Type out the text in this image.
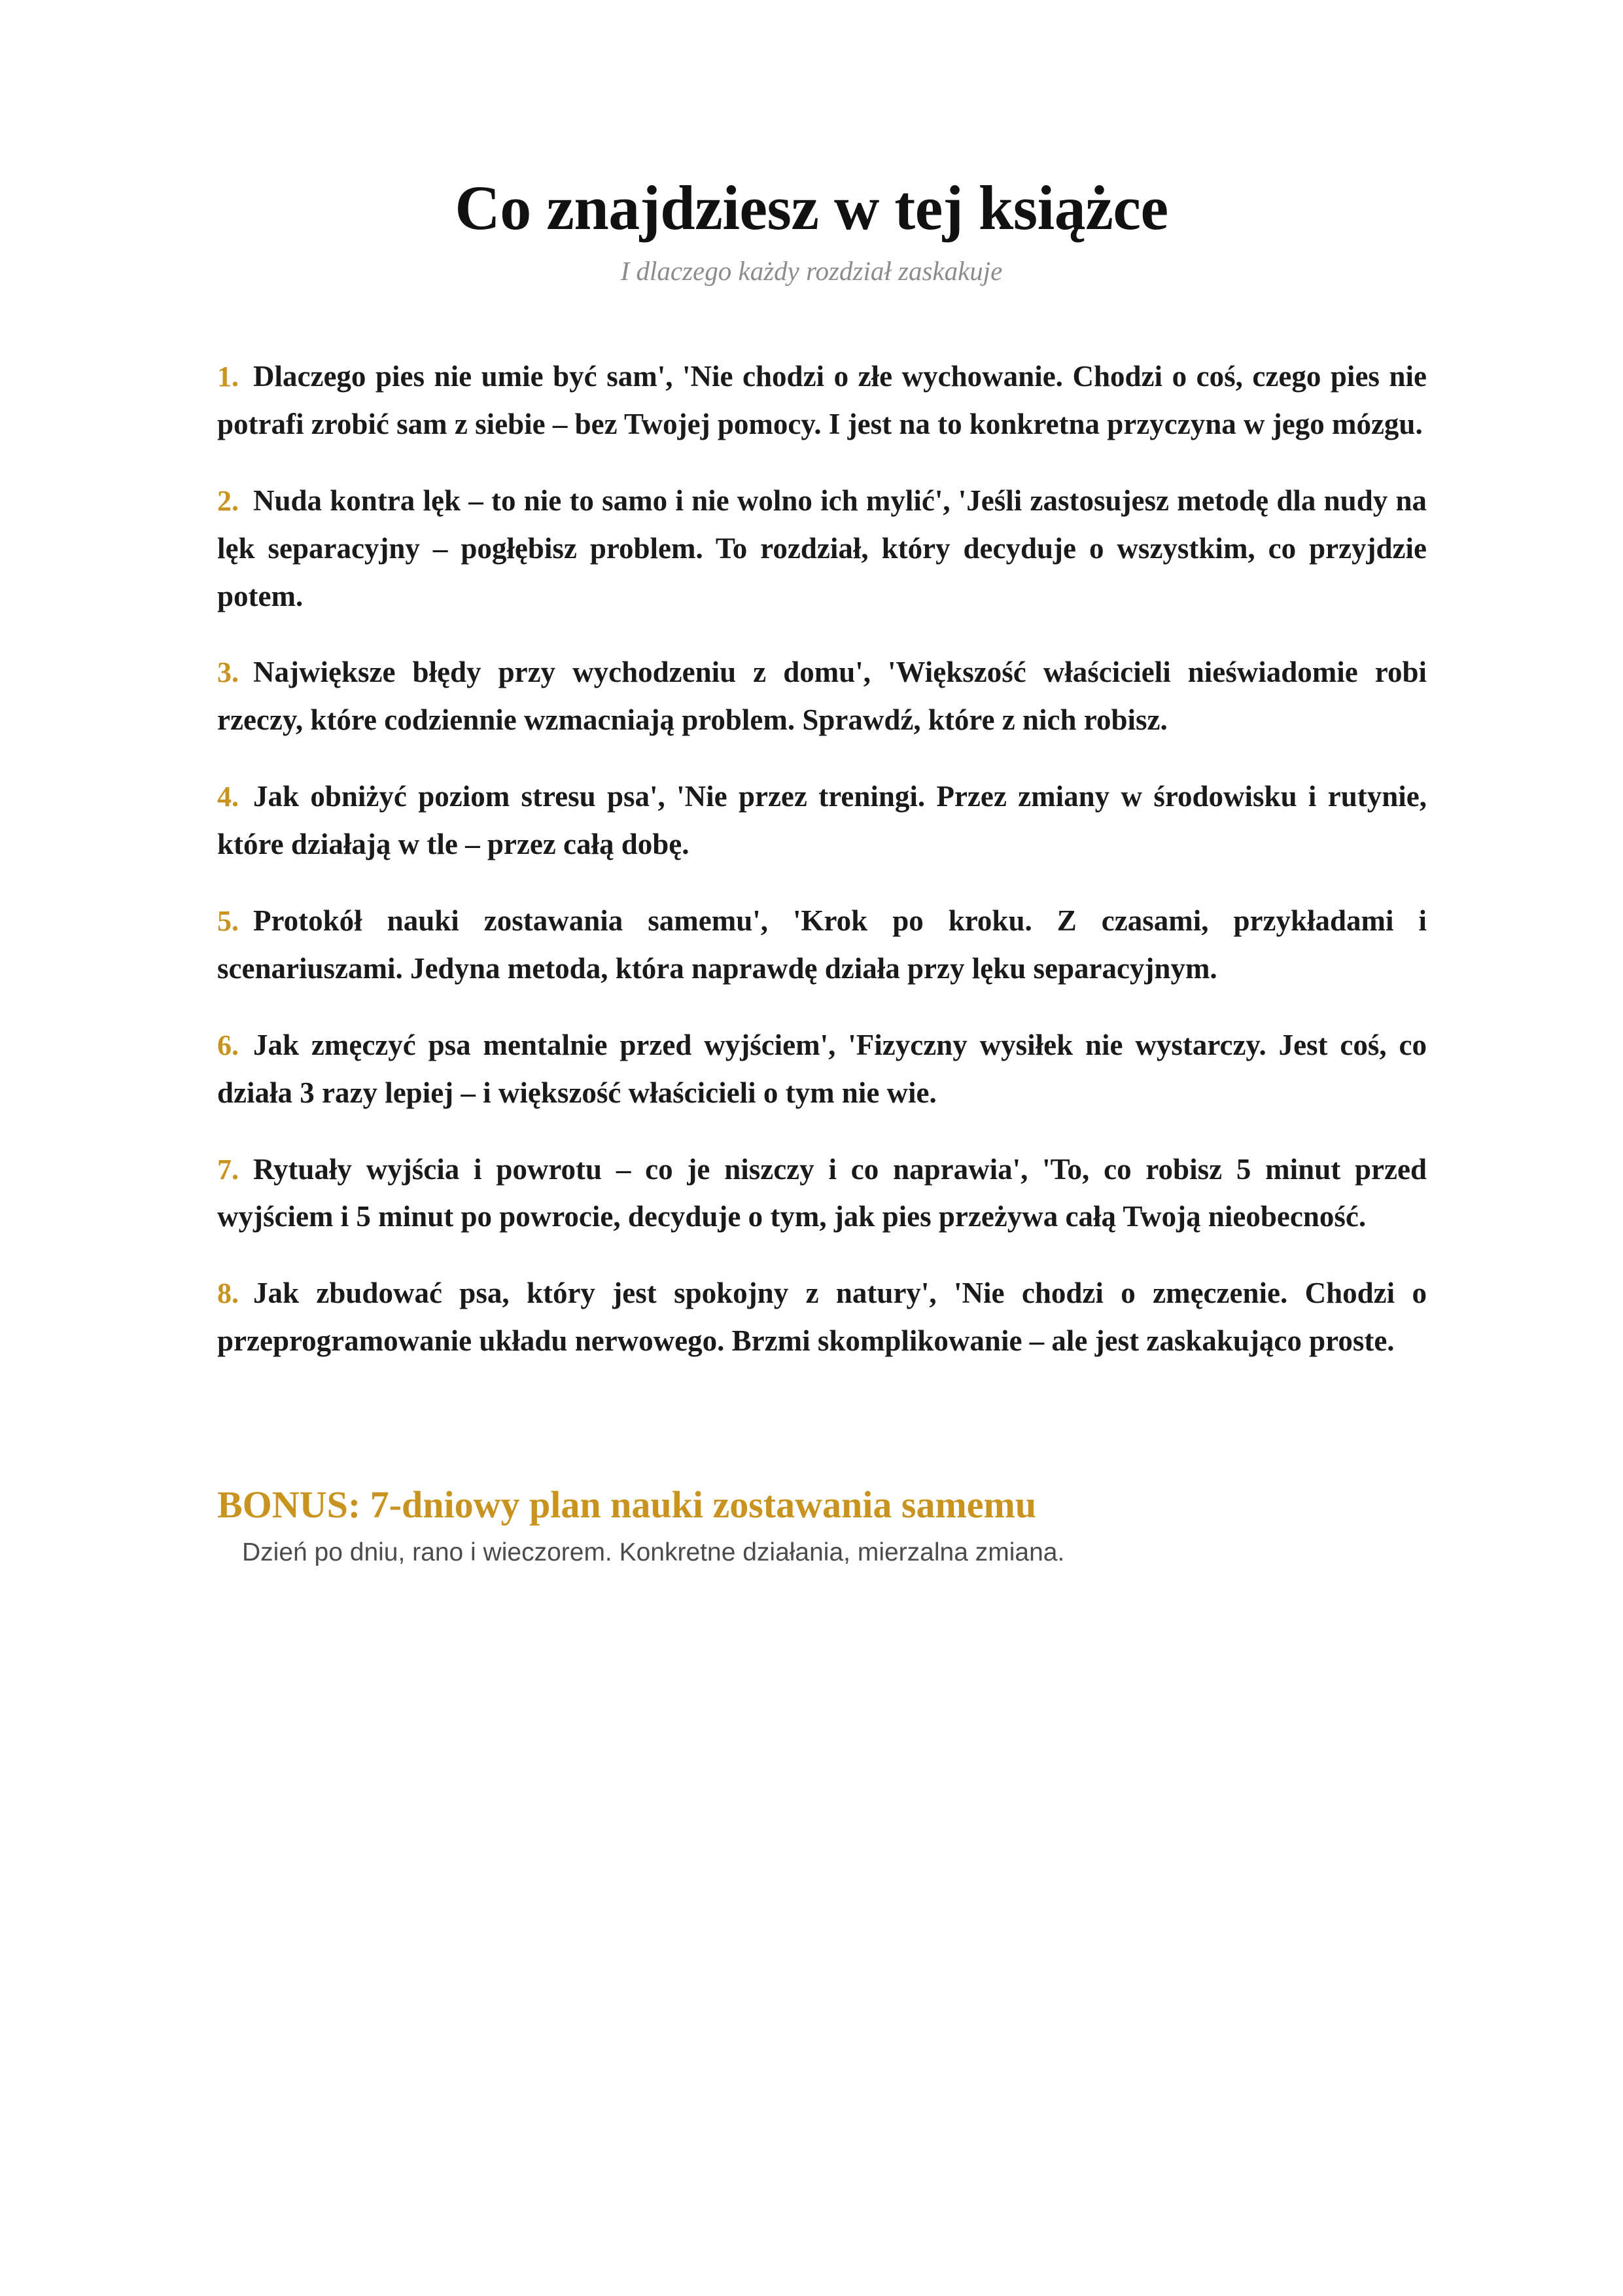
Co znajdziesz w tej książce

I dlaczego każdy rozdział zaskakuje

1. Dlaczego pies nie umie być sam', 'Nie chodzi o złe wychowanie. Chodzi o coś, czego pies nie potrafi zrobić sam z siebie – bez Twojej pomocy. I jest na to konkretna przyczyna w jego mózgu.
2. Nuda kontra lęk – to nie to samo i nie wolno ich mylić', 'Jeśli zastosujesz metodę dla nudy na lęk separacyjny – pogłębisz problem. To rozdział, który decyduje o wszystkim, co przyjdzie potem.
3. Największe błędy przy wychodzeniu z domu', 'Większość właścicieli nieświadomie robi rzeczy, które codziennie wzmacniają problem. Sprawdź, które z nich robisz.
4. Jak obniżyć poziom stresu psa', 'Nie przez treningi. Przez zmiany w środowisku i rutynie, które działają w tle – przez całą dobę.
5. Protokół nauki zostawania samemu', 'Krok po kroku. Z czasami, przykładami i scenariuszami. Jedyna metoda, która naprawdę działa przy lęku separacyjnym.
6. Jak zmęczyć psa mentalnie przed wyjściem', 'Fizyczny wysiłek nie wystarczy. Jest coś, co działa 3 razy lepiej – i większość właścicieli o tym nie wie.
7. Rytuały wyjścia i powrotu – co je niszczy i co naprawia', 'To, co robisz 5 minut przed wyjściem i 5 minut po powrocie, decyduje o tym, jak pies przeżywa całą Twoją nieobecność.
8. Jak zbudować psa, który jest spokojny z natury', 'Nie chodzi o zmęczenie. Chodzi o przeprogramowanie układu nerwowego. Brzmi skomplikowanie – ale jest zaskakująco proste.
BONUS: 7-dniowy plan nauki zostawania samemu

Dzień po dniu, rano i wieczorem. Konkretne działania, mierzalna zmiana.
